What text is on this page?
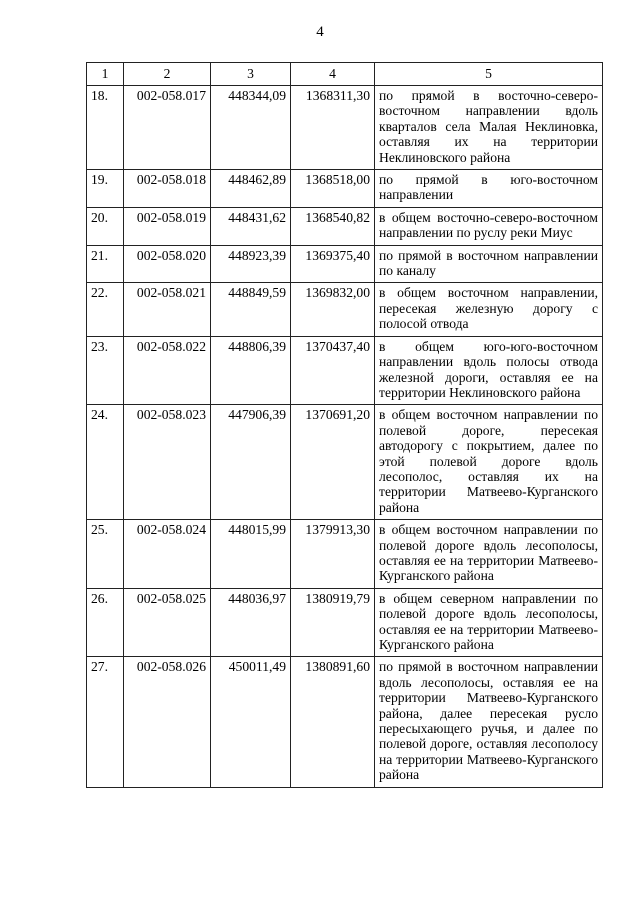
4
1	2	3	4	5
18.	002-058.017	448344,09	1368311,30	по прямой в восточно-северо-восточном направлении вдоль кварталов села Малая Неклиновка, оставляя их на территории Неклиновского района
19.	002-058.018	448462,89	1368518,00	по прямой в юго-восточном направлении
20.	002-058.019	448431,62	1368540,82	в общем восточно-северо-восточном направлении по руслу реки Миус
21.	002-058.020	448923,39	1369375,40	по прямой в восточном направлении по каналу
22.	002-058.021	448849,59	1369832,00	в общем восточном направлении, пересекая железную дорогу с полосой отвода
23.	002-058.022	448806,39	1370437,40	в общем юго-юго-восточном направлении вдоль полосы отвода железной дороги, оставляя ее на территории Неклиновского района
24.	002-058.023	447906,39	1370691,20	в общем восточном направлении по полевой дороге, пересекая автодорогу с покрытием, далее по этой полевой дороге вдоль лесополос, оставляя их на территории Матвеево-Курганского района
25.	002-058.024	448015,99	1379913,30	в общем восточном направлении по полевой дороге вдоль лесополосы, оставляя ее на территории Матвеево-Курганского района
26.	002-058.025	448036,97	1380919,79	в общем северном направлении по полевой дороге вдоль лесополосы, оставляя ее на территории Матвеево-Курганского района
27.	002-058.026	450011,49	1380891,60	по прямой в восточном направлении вдоль лесополосы, оставляя ее на территории Матвеево-Курганского района, далее пересекая русло пересыхающего ручья, и далее по полевой дороге, оставляя лесополосу на территории Матвеево-Курганского района
